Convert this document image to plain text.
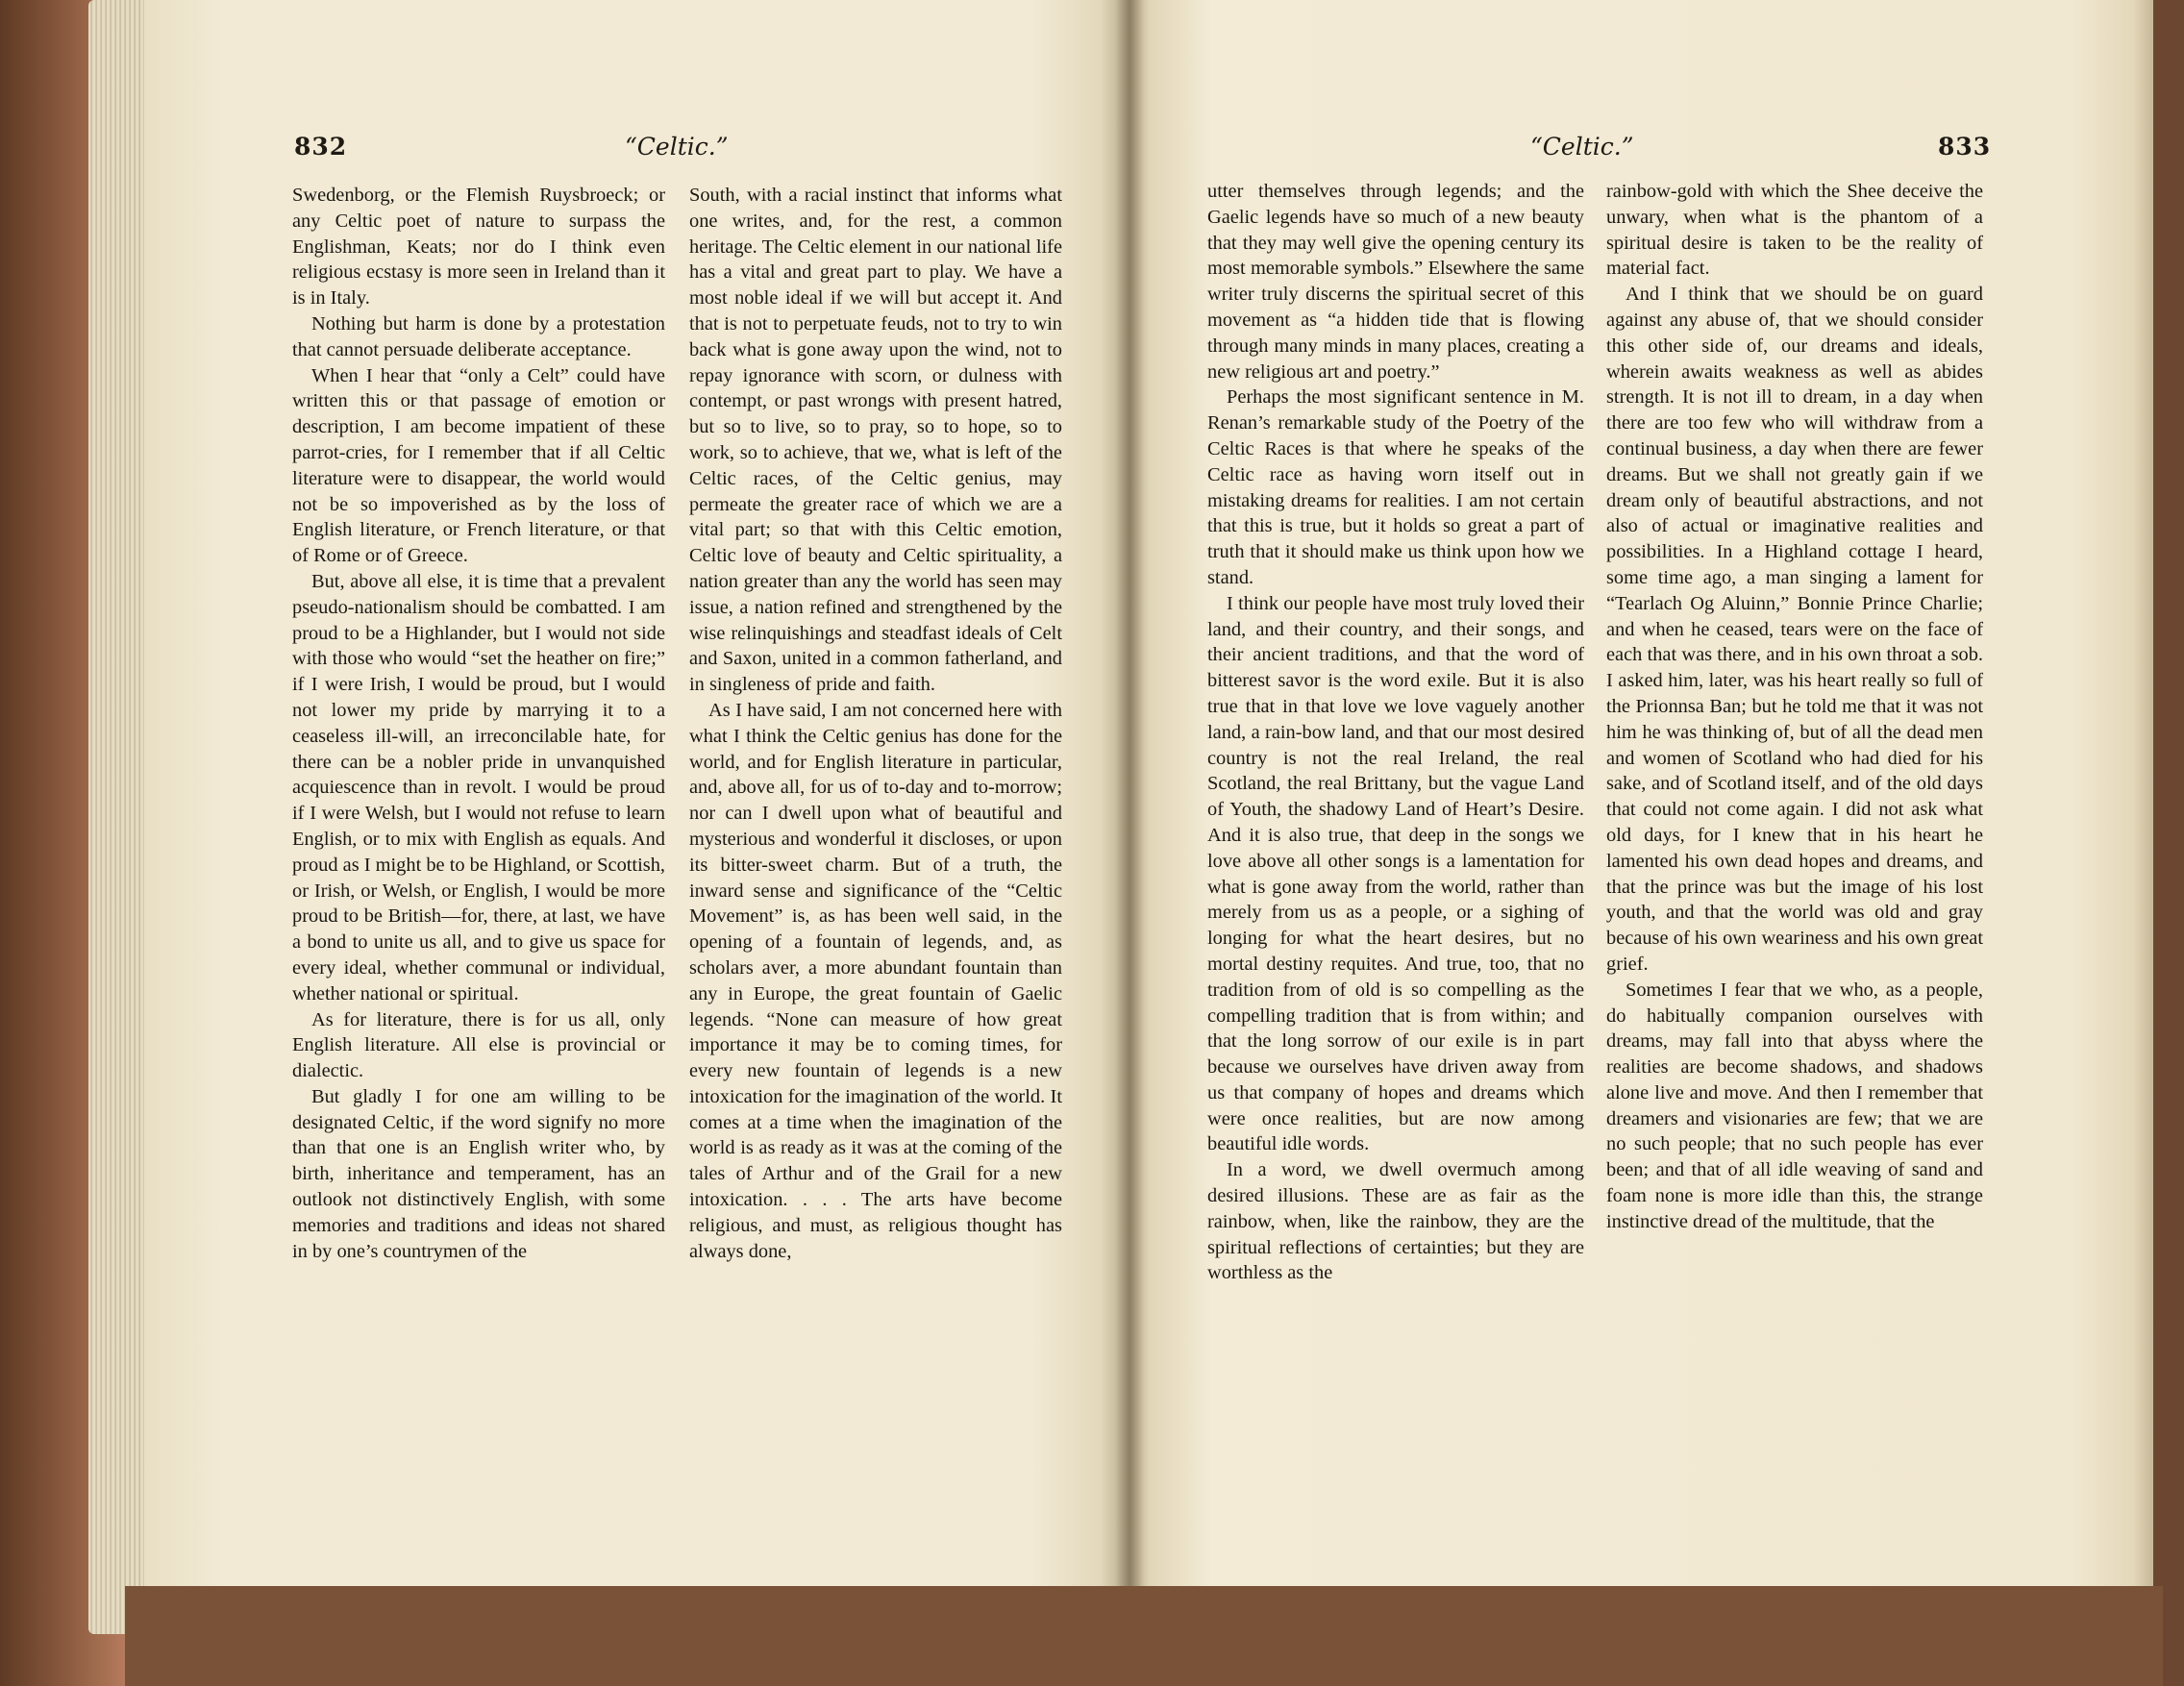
832	“Celtic.”	“Celtic.”	833

Swedenborg, or the Flemish Ruysbroeck; or any Celtic poet of nature to surpass the Englishman, Keats; nor do I think even religious ecstasy is more seen in Ireland than it is in Italy.

Nothing but harm is done by a protestation that cannot persuade deliberate acceptance.

When I hear that “only a Celt” could have written this or that passage of emotion or description, I am become impatient of these parrot-cries, for I remember that if all Celtic literature were to disappear, the world would not be so impoverished as by the loss of English literature, or French literature, or that of Rome or of Greece.

But, above all else, it is time that a prevalent pseudo-nationalism should be combatted. I am proud to be a Highlander, but I would not side with those who would “set the heather on fire;” if I were Irish, I would be proud, but I would not lower my pride by marrying it to a ceaseless ill-will, an irreconcilable hate, for there can be a nobler pride in unvanquished acquiescence than in revolt. I would be proud if I were Welsh, but I would not refuse to learn English, or to mix with English as equals. And proud as I might be to be Highland, or Scottish, or Irish, or Welsh, or English, I would be more proud to be British—for, there, at last, we have a bond to unite us all, and to give us space for every ideal, whether communal or individual, whether national or spiritual.

As for literature, there is for us all, only English literature. All else is provincial or dialectic.

But gladly I for one am willing to be designated Celtic, if the word signify no more than that one is an English writer who, by birth, inheritance and temperament, has an outlook not distinctively English, with some memories and traditions and ideas not shared in by one’s countrymen of the

South, with a racial instinct that informs what one writes, and, for the rest, a common heritage. The Celtic element in our national life has a vital and great part to play. We have a most noble ideal if we will but accept it. And that is not to perpetuate feuds, not to try to win back what is gone away upon the wind, not to repay ignorance with scorn, or dulness with contempt, or past wrongs with present hatred, but so to live, so to pray, so to hope, so to work, so to achieve, that we, what is left of the Celtic races, of the Celtic genius, may permeate the greater race of which we are a vital part; so that with this Celtic emotion, Celtic love of beauty and Celtic spirituality, a nation greater than any the world has seen may issue, a nation refined and strengthened by the wise relinquishings and steadfast ideals of Celt and Saxon, united in a common fatherland, and in singleness of pride and faith.

As I have said, I am not concerned here with what I think the Celtic genius has done for the world, and for English literature in particular, and, above all, for us of to-day and to-morrow; nor can I dwell upon what of beautiful and mysterious and wonderful it discloses, or upon its bitter-sweet charm. But of a truth, the inward sense and significance of the “Celtic Movement” is, as has been well said, in the opening of a fountain of legends, and, as scholars aver, a more abundant fountain than any in Europe, the great fountain of Gaelic legends. “None can measure of how great importance it may be to coming times, for every new fountain of legends is a new intoxication for the imagination of the world. It comes at a time when the imagination of the world is as ready as it was at the coming of the tales of Arthur and of the Grail for a new intoxication. . . . The arts have become religious, and must, as religious thought has always done,

utter themselves through legends; and the Gaelic legends have so much of a new beauty that they may well give the opening century its most memorable symbols.” Elsewhere the same writer truly discerns the spiritual secret of this movement as “a hidden tide that is flowing through many minds in many places, creating a new religious art and poetry.”

Perhaps the most significant sentence in M. Renan’s remarkable study of the Poetry of the Celtic Races is that where he speaks of the Celtic race as having worn itself out in mistaking dreams for realities. I am not certain that this is true, but it holds so great a part of truth that it should make us think upon how we stand.

I think our people have most truly loved their land, and their country, and their songs, and their ancient traditions, and that the word of bitterest savor is the word exile. But it is also true that in that love we love vaguely another land, a rain-bow land, and that our most desired country is not the real Ireland, the real Scotland, the real Brittany, but the vague Land of Youth, the shadowy Land of Heart’s Desire. And it is also true, that deep in the songs we love above all other songs is a lamentation for what is gone away from the world, rather than merely from us as a people, or a sighing of longing for what the heart desires, but no mortal destiny requites. And true, too, that no tradition from of old is so compelling as the compelling tradition that is from within; and that the long sorrow of our exile is in part because we ourselves have driven away from us that company of hopes and dreams which were once realities, but are now among beautiful idle words.

In a word, we dwell overmuch among desired illusions. These are as fair as the rainbow, when, like the rainbow, they are the spiritual reflections of certainties; but they are worthless as the

rainbow-gold with which the Shee deceive the unwary, when what is the phantom of a spiritual desire is taken to be the reality of material fact.

And I think that we should be on guard against any abuse of, that we should consider this other side of, our dreams and ideals, wherein awaits weakness as well as abides strength. It is not ill to dream, in a day when there are too few who will withdraw from a continual business, a day when there are fewer dreams. But we shall not greatly gain if we dream only of beautiful abstractions, and not also of actual or imaginative realities and possibilities. In a Highland cottage I heard, some time ago, a man singing a lament for “Tearlach Og Aluinn,” Bonnie Prince Charlie; and when he ceased, tears were on the face of each that was there, and in his own throat a sob. I asked him, later, was his heart really so full of the Prionnsa Ban; but he told me that it was not him he was thinking of, but of all the dead men and women of Scotland who had died for his sake, and of Scotland itself, and of the old days that could not come again. I did not ask what old days, for I knew that in his heart he lamented his own dead hopes and dreams, and that the prince was but the image of his lost youth, and that the world was old and gray because of his own weariness and his own great grief.

Sometimes I fear that we who, as a people, do habitually companion ourselves with dreams, may fall into that abyss where the realities are become shadows, and shadows alone live and move. And then I remember that dreamers and visionaries are few; that we are no such people; that no such people has ever been; and that of all idle weaving of sand and foam none is more idle than this, the strange instinctive dread of the multitude, that the
